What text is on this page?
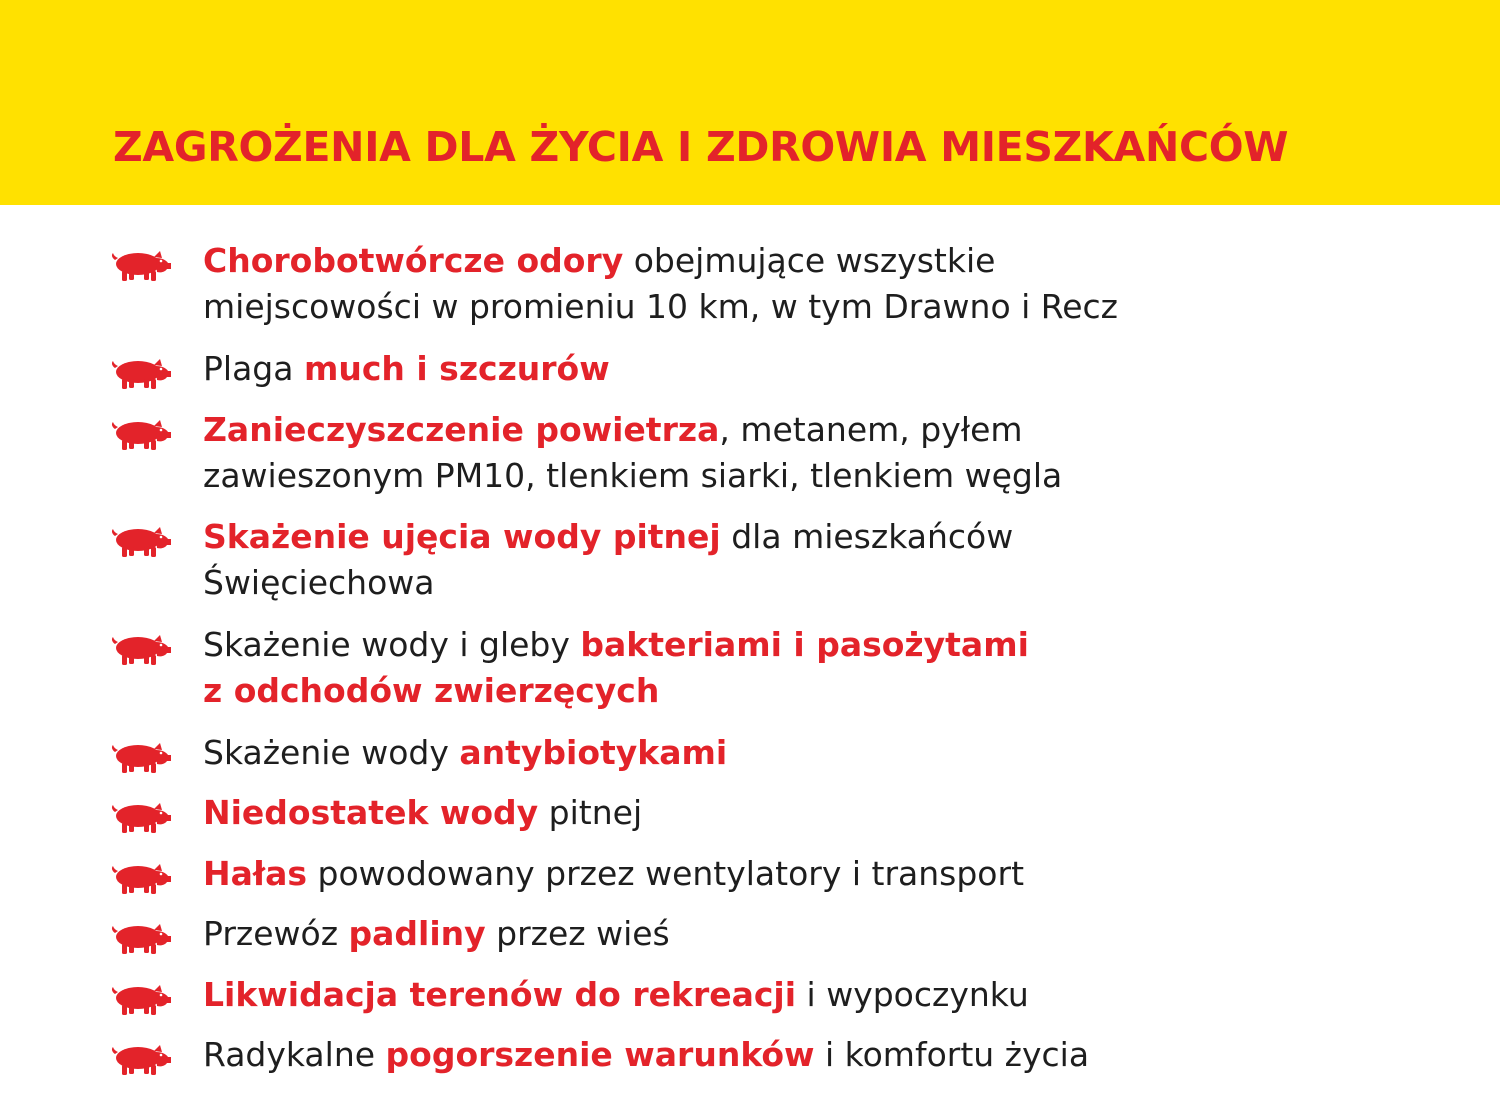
ZAGROŻENIA DLA ŻYCIA I ZDROWIA MIESZKAŃCÓW
Chorobotwórcze odory obejmujące wszystkie
miejscowości w promieniu 10 km, w tym Drawno i Recz
Plaga much i szczurów
Zanieczyszczenie powietrza, metanem, pyłem
zawieszonym PM10, tlenkiem siarki, tlenkiem węgla
Skażenie ujęcia wody pitnej dla mieszkańców
Święciechowa
Skażenie wody i gleby bakteriami i pasożytami
z odchodów zwierzęcych
Skażenie wody antybiotykami
Niedostatek wody pitnej
Hałas powodowany przez wentylatory i transport
Przewóz padliny przez wieś
Likwidacja terenów do rekreacji i wypoczynku
Radykalne pogorszenie warunków i komfortu życia
